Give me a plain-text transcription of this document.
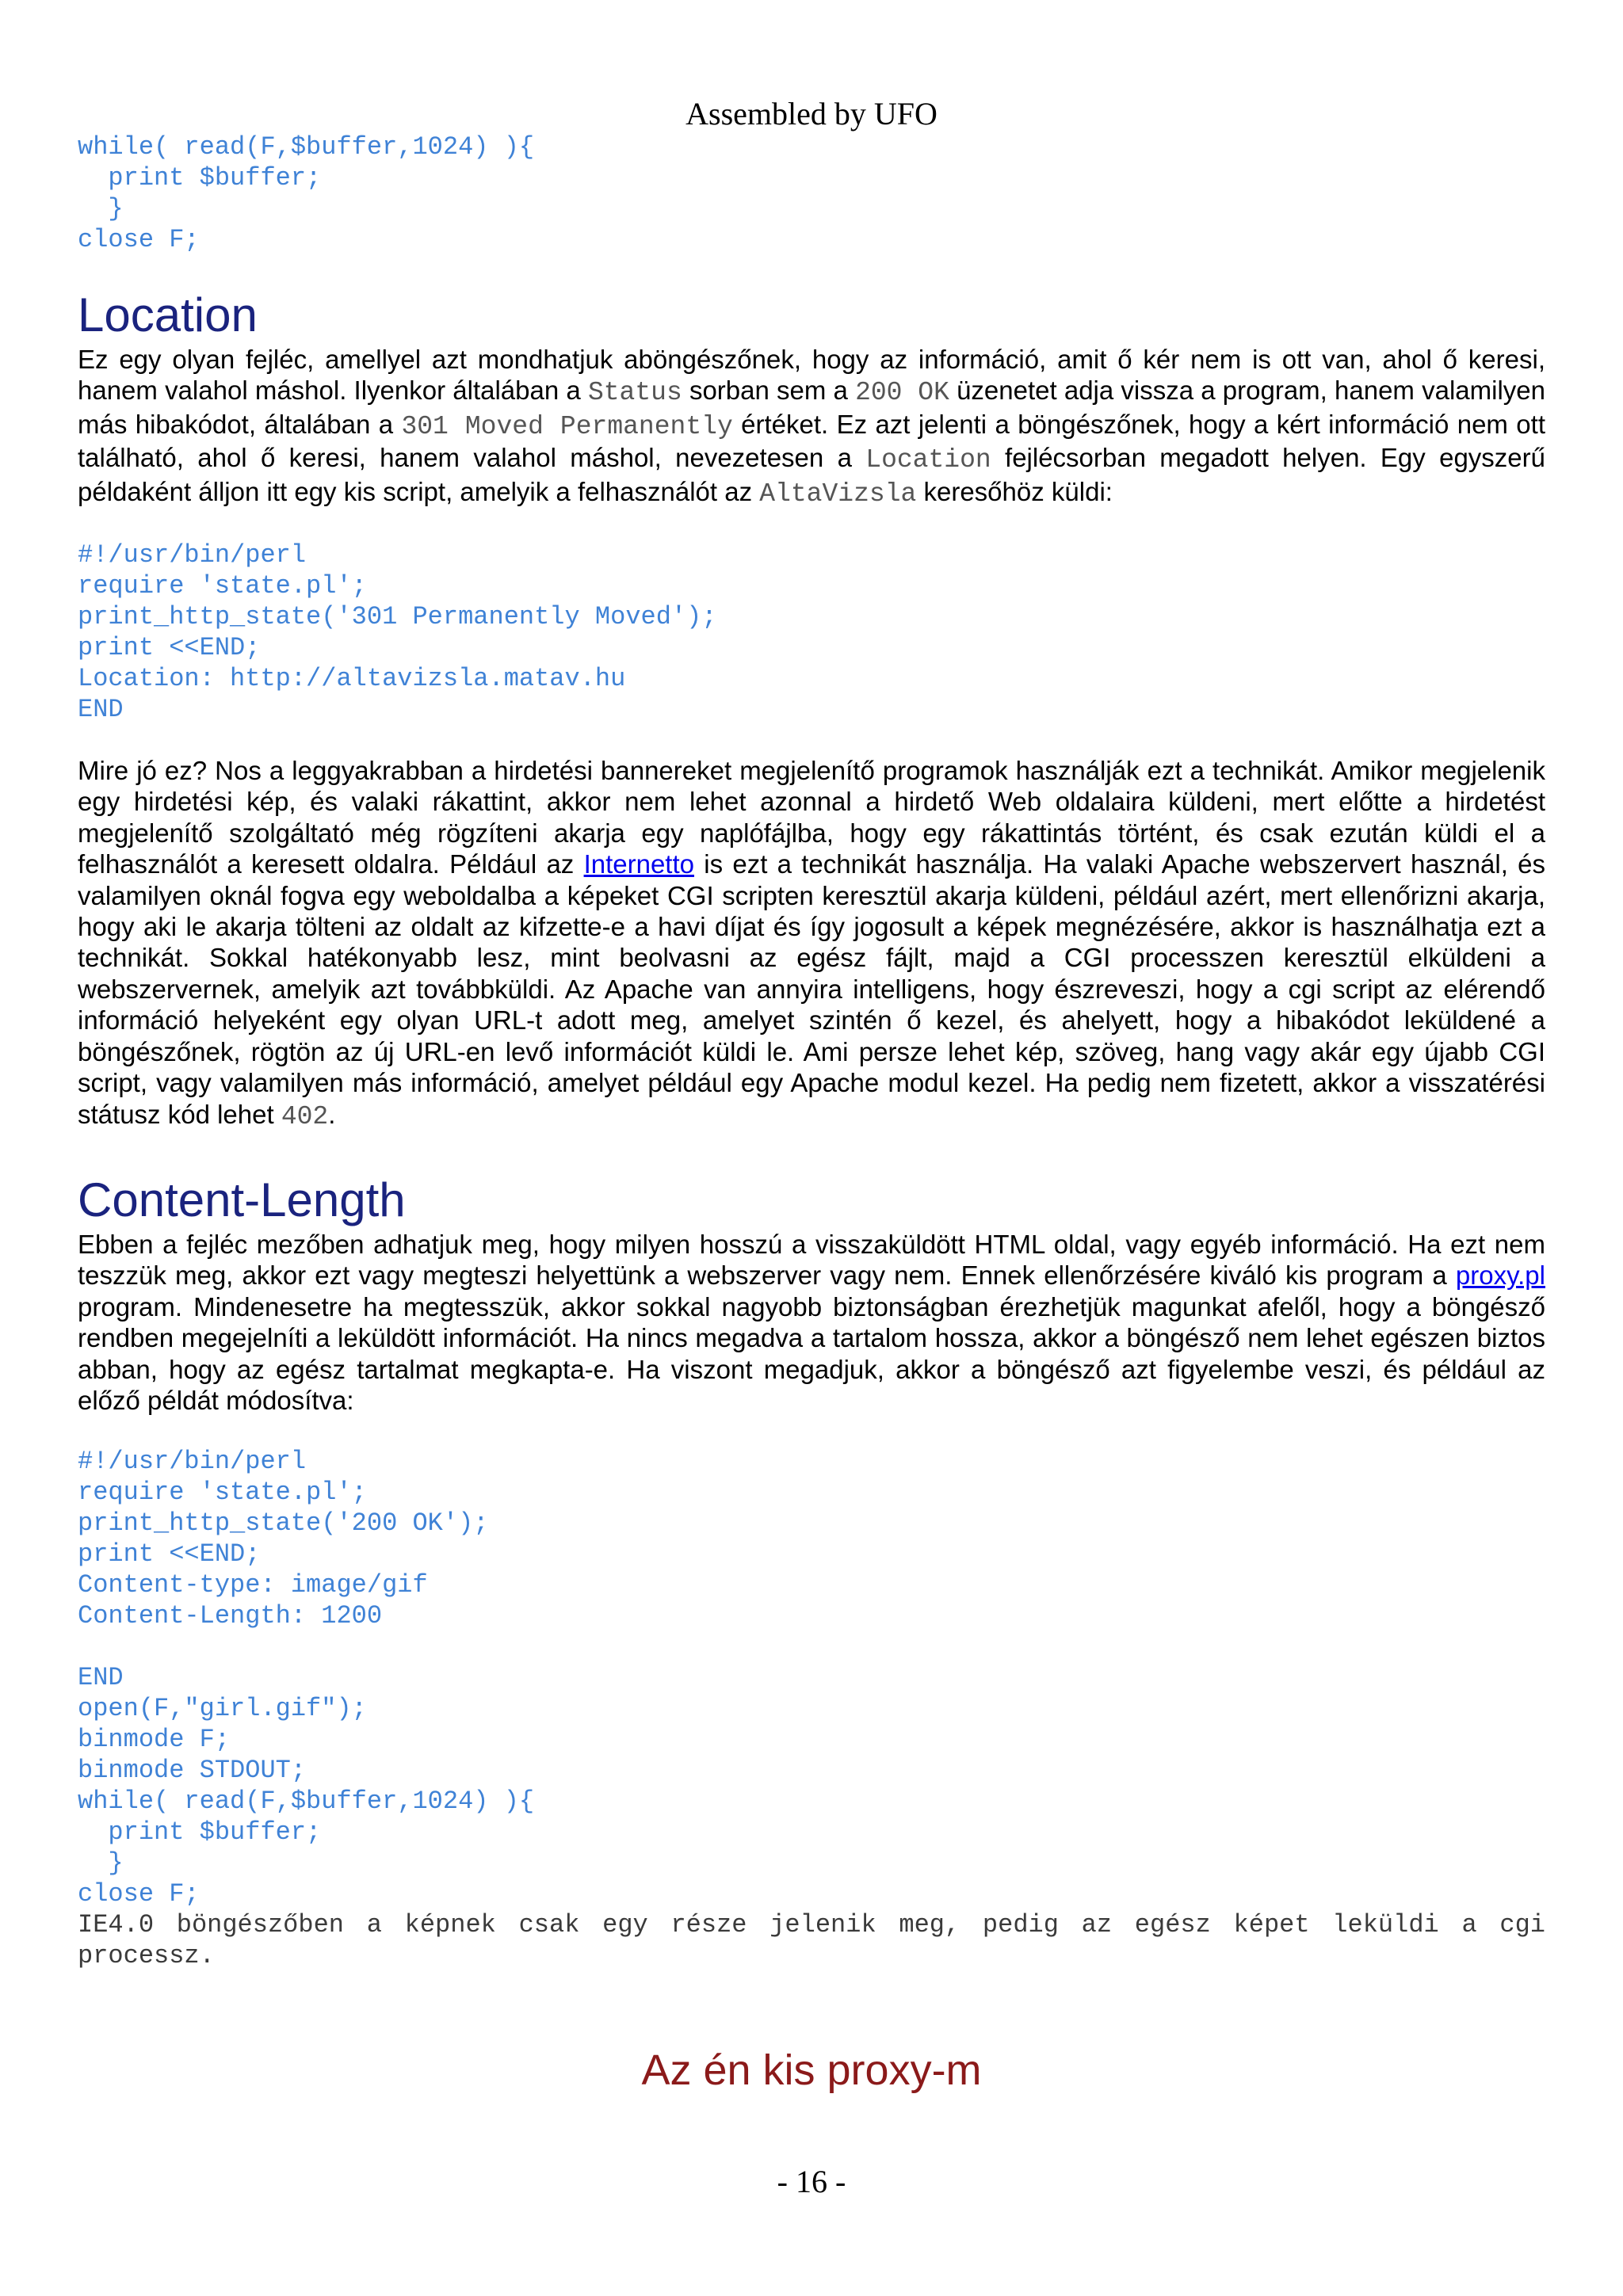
Assembled by UFO
while( read(F,$buffer,1024) ){
print $buffer;
}
close F;
Location

Ez egy olyan fejléc, amellyel azt mondhatjuk aböngészőnek, hogy az információ, amit ő kér nem is ott van, ahol ő keresi, hanem valahol máshol. Ilyenkor általában a Status sorban sem a 200 OK üzenetet adja vissza a program, hanem valamilyen más hibakódot, általában a 301 Moved Permanently értéket. Ez azt jelenti a böngészőnek, hogy a kért információ nem ott található, ahol ő keresi, hanem valahol máshol, nevezetesen a Location fejlécsorban megadott helyen. Egy egyszerű példaként álljon itt egy kis script, amelyik a felhasználót az AltaVizsla keresőhöz küldi:

#!/usr/bin/perl
require 'state.pl';
print_http_state('301 Permanently Moved');
print <<END;
Location: http://altavizsla.matav.hu
END

Mire jó ez? Nos a leggyakrabban a hirdetési bannereket megjelenítő programok használják ezt a technikát. Amikor megjelenik egy hirdetési kép, és valaki rákattint, akkor nem lehet azonnal a hirdető Web oldalaira küldeni, mert előtte a hirdetést megjelenítő szolgáltató még rögzíteni akarja egy naplófájlba, hogy egy rákattintás történt, és csak ezután küldi el a felhasználót a keresett oldalra. Például az Internetto is ezt a technikát használja. Ha valaki Apache webszervert használ, és valamilyen oknál fogva egy weboldalba a képeket CGI scripten keresztül akarja küldeni, például azért, mert ellenőrizni akarja, hogy aki le akarja tölteni az oldalt az kifzette-e a havi díjat és így jogosult a képek megnézésére, akkor is használhatja ezt a technikát. Sokkal hatékonyabb lesz, mint beolvasni az egész fájlt, majd a CGI processzen keresztül elküldeni a webszervernek, amelyik azt továbbküldi. Az Apache van annyira intelligens, hogy észreveszi, hogy a cgi script az elérendő információ helyeként egy olyan URL-t adott meg, amelyet szintén ő kezel, és ahelyett, hogy a hibakódot leküldené a böngészőnek, rögtön az új URL-en levő információt küldi le. Ami persze lehet kép, szöveg, hang vagy akár egy újabb CGI script, vagy valamilyen más információ, amelyet például egy Apache modul kezel. Ha pedig nem fizetett, akkor a visszatérési státusz kód lehet 402.

Content-Length

Ebben a fejléc mezőben adhatjuk meg, hogy milyen hosszú a visszaküldött HTML oldal, vagy egyéb információ. Ha ezt nem teszzük meg, akkor ezt vagy megteszi helyettünk a webszerver vagy nem. Ennek ellenőrzésére kiváló kis program a proxy.pl program. Mindenesetre ha megtesszük, akkor sokkal nagyobb biztonságban érezhetjük magunkat afelől, hogy a böngésző rendben megejelníti a leküldött információt. Ha nincs megadva a tartalom hossza, akkor a böngésző nem lehet egészen biztos abban, hogy az egész tartalmat megkapta-e. Ha viszont megadjuk, akkor a böngésző azt figyelembe veszi, és például az előző példát módosítva:

#!/usr/bin/perl
require 'state.pl';
print_http_state('200 OK');
print <<END;
Content-type: image/gif
Content-Length: 1200

END
open(F,"girl.gif");
binmode F;
binmode STDOUT;
while( read(F,$buffer,1024) ){
print $buffer;
}
close F;

IE4.0 böngészőben a képnek csak egy része jelenik meg, pedig az egész képet leküldi a cgi processz.

Az én kis proxy-m
- 16 -
